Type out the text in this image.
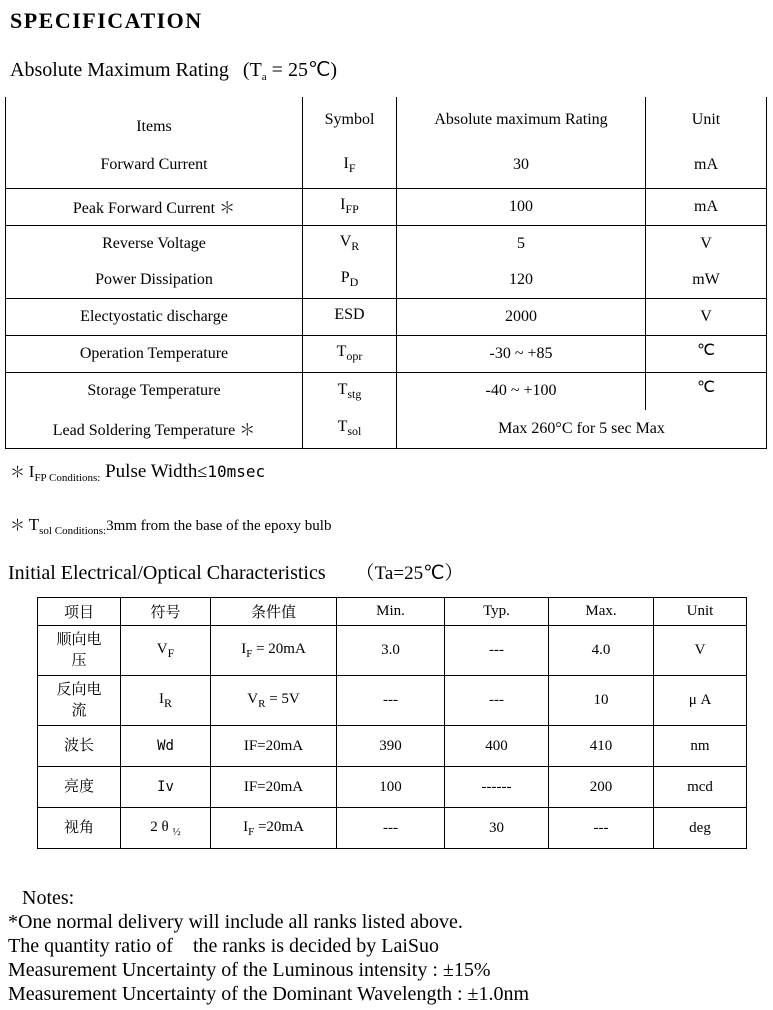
SPECIFICATION
Absolute Maximum Rating ($T_a$ = 25℃)
Items	Symbol	Absolute maximum Rating	Unit
Forward Current	$I_F$	30	mA
Peak Forward Current ＊	$I_{FP}$	100	mA
Reverse Voltage	$V_R$	5	V
Power Dissipation	$P_D$	120	mW
Electyostatic discharge	ESD	2000	V
Operation Temperature	$T_{opr}$	-30 ~ +85	℃
Storage Temperature	$T_{stg}$	-40 ~ +100	℃
Lead Soldering Temperature ＊	$T_{sol}$	Max 260°C for 5 sec Max	
＊ $I_{FP Conditions:}$ Pulse Width≤10msec
＊ $T_{sol Conditions:}3mm$ from the base of the epoxy bulb
Initial Electrical/Optical Characteristics （Ta=25℃）
项目	符号	条件值	Min.	Typ.	Max.	Unit

顺向电
压	$V_F$	$I_F = 20mA$	3.0	---	4.0	V

反向电
流	$I_R$	$V_R = 5V$	---	---	10	μ A

波长	Wd	IF=20mA	390	400	410	nm

亮度	Iv	IF=20mA	100	------	200	mcd

视角	2 θ $_{\frac{1}{2}}$	$I_F =20mA$	---	30	---	deg
Notes:
*One normal delivery will include all ranks listed above.
The quantity ratio of    the ranks is decided by LaiSuo
Measurement Uncertainty of the Luminous intensity : ±15%
Measurement Uncertainty of the Dominant Wavelength : ±1.0nm
